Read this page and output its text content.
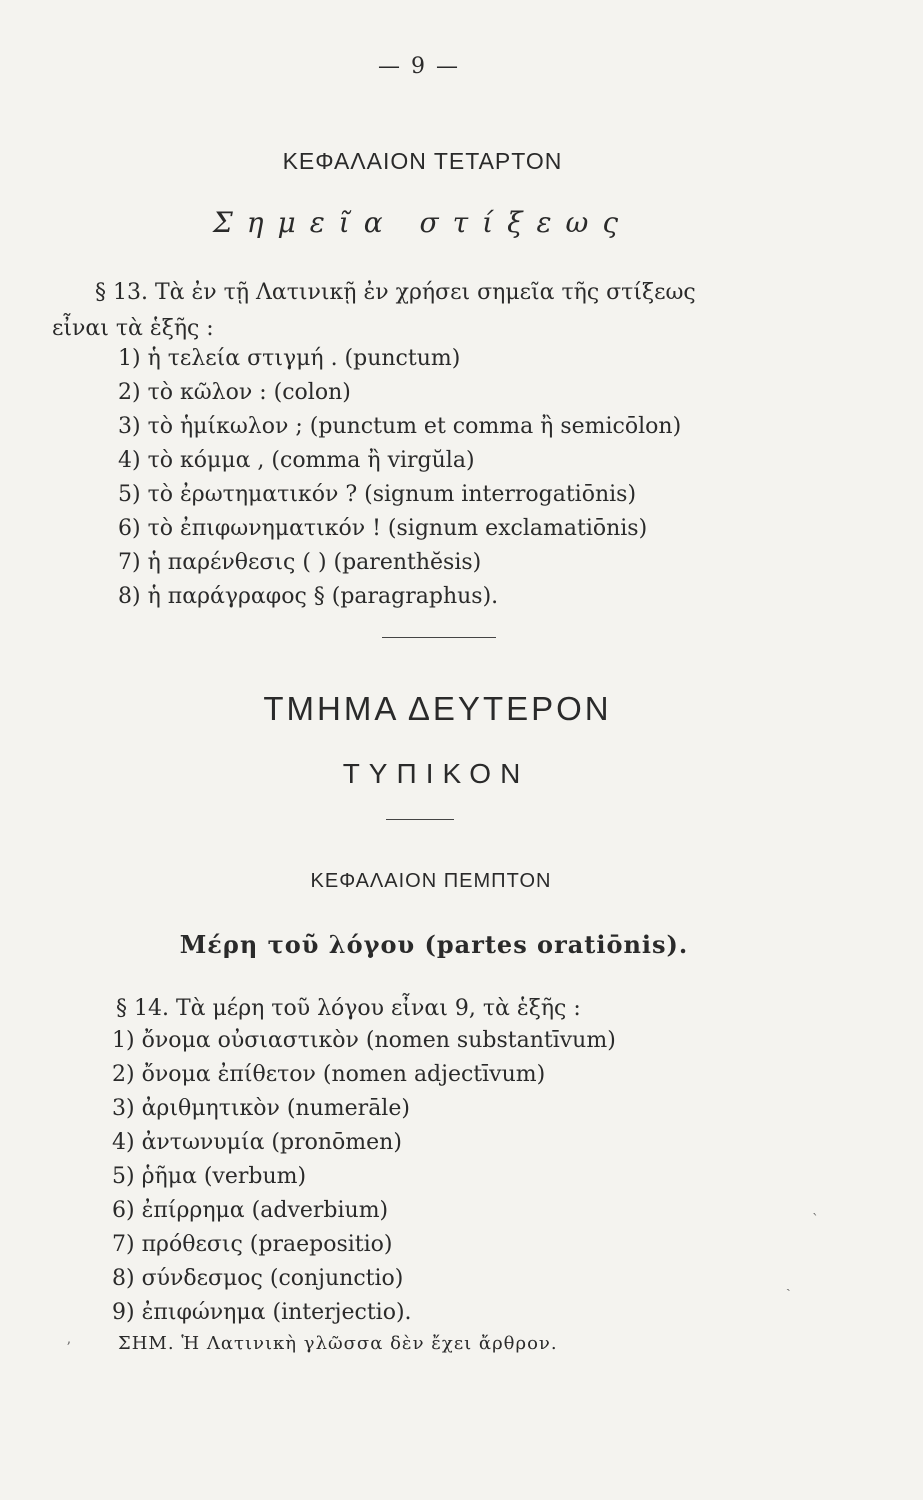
— 9 —
ΚΕΦΑΛΑΙΟΝ ΤΕΤΑΡΤΟΝ
Σημεῖα στίξεως
§ 13. Τὰ ἐν τῇ Λατινικῇ ἐν χρήσει σημεῖα τῆς στίξεως
εἶναι τὰ ἑξῆς :
1) ἡ τελεία στιγμή . (punctum)
2) τὸ κῶλον : (colon)
3) τὸ ἡμίκωλον ; (punctum et comma ἢ semicōlon)
4) τὸ κόμμα , (comma ἢ virgŭla)
5) τὸ ἐρωτηματικόν ? (signum interrogatiōnis)
6) τὸ ἐπιφωνηματικόν ! (signum exclamatiōnis)
7) ἡ παρένθεσις ( ) (parenthĕsis)
8) ἡ παράγραφος § (paragraphus).
ΤΜΗΜΑ ΔΕΥΤΕΡΟΝ
ΤΥΠΙΚΟΝ
ΚΕΦΑΛΑΙΟΝ ΠΕΜΠΤΟΝ
Μέρη τοῦ λόγου (partes oratiōnis).
§ 14. Τὰ μέρη τοῦ λόγου εἶναι 9, τὰ ἑξῆς :
1) ὄνομα οὐσιαστικὸν (nomen substantīvum)
2) ὄνομα ἐπίθετον (nomen adjectīvum)
3) ἀριθμητικὸν (numerāle)
4) ἀντωνυμία (pronōmen)
5) ῥῆμα (verbum)
6) ἐπίρρημα (adverbium)
7) πρόθεσις (praepositio)
8) σύνδεσμος (conjunctio)
9) ἐπιφώνημα (interjectio).
ΣΗΜ. Ἡ Λατινικὴ γλῶσσα δὲν ἔχει ἄρθρον.
ˋ
ˏ
ʼ
